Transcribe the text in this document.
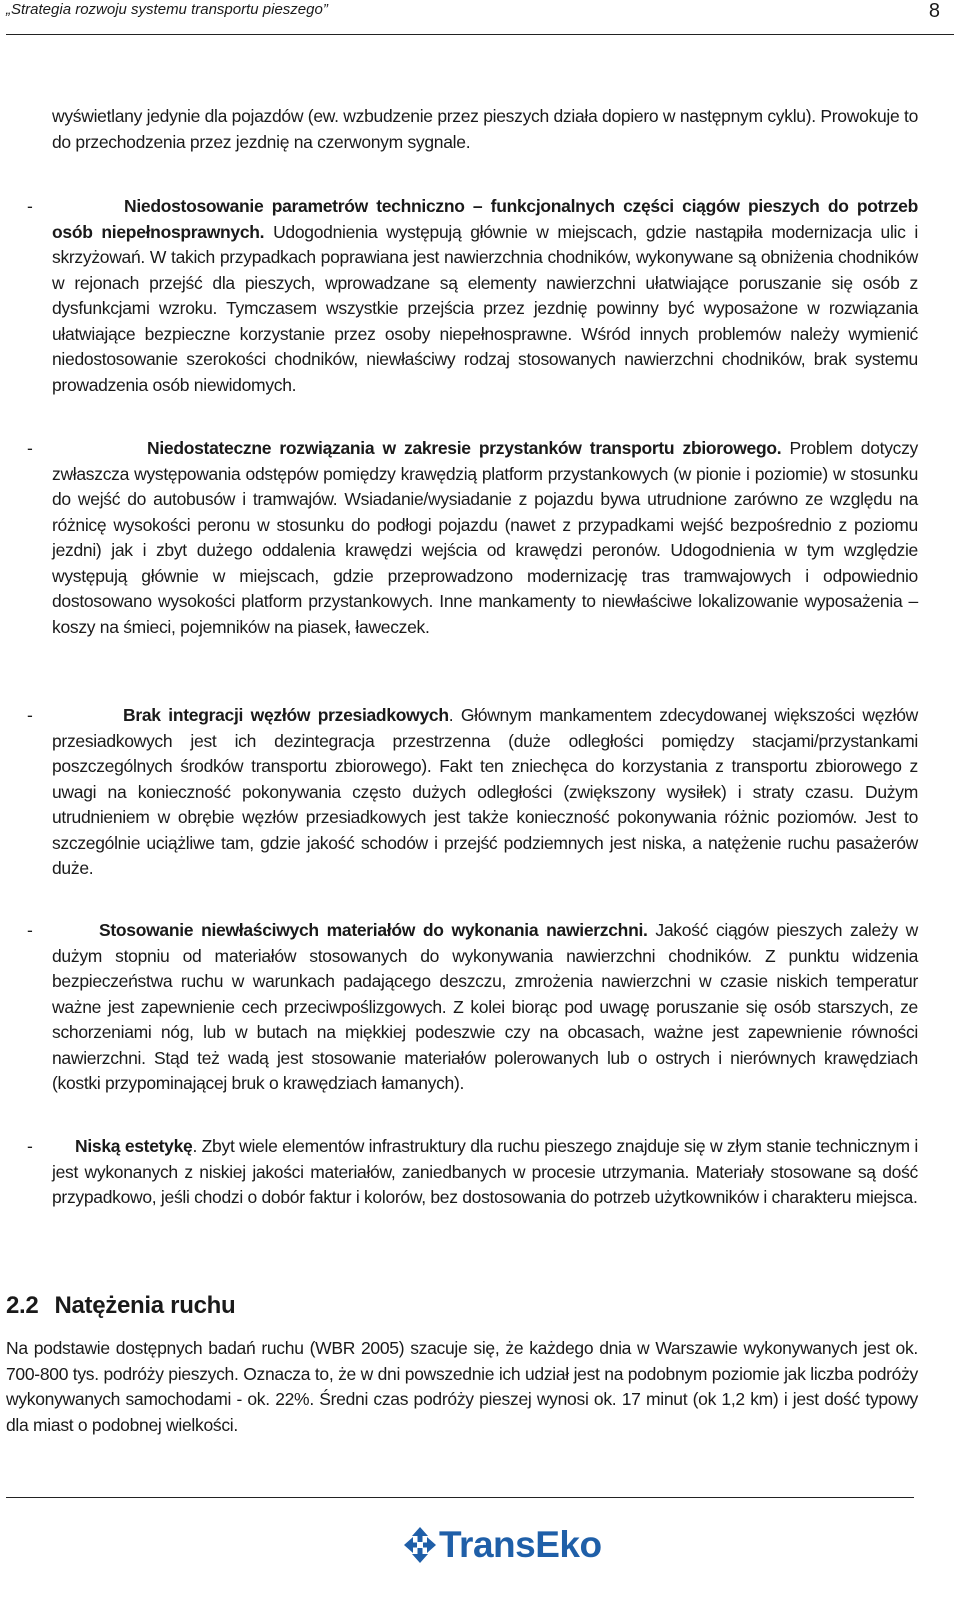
„Strategia rozwoju systemu transportu pieszego”	8
wyświetlany jedynie dla pojazdów (ew. wzbudzenie przez pieszych działa dopiero w następnym cyklu). Prowokuje to do przechodzenia przez jezdnię na czerwonym sygnale.
-	Niedostosowanie parametrów techniczno – funkcjonalnych części ciągów pieszych do potrzeb osób niepełnosprawnych. Udogodnienia występują głównie w miejscach, gdzie nastąpiła modernizacja ulic i skrzyżowań. W takich przypadkach poprawiana jest nawierzchnia chodników, wykonywane są obniżenia chodników w rejonach przejść dla pieszych, wprowadzane są elementy nawierzchni ułatwiające poruszanie się osób z dysfunkcjami wzroku. Tymczasem wszystkie przejścia przez jezdnię powinny być wyposażone w rozwiązania ułatwiające bezpieczne korzystanie przez osoby niepełnosprawne. Wśród innych problemów należy wymienić niedostosowanie szerokości chodników, niewłaściwy rodzaj stosowanych nawierzchni chodników, brak systemu prowadzenia osób niewidomych.
-	Niedostateczne rozwiązania w zakresie przystanków transportu zbiorowego. Problem dotyczy zwłaszcza występowania odstępów pomiędzy krawędzią platform przystankowych (w pionie i poziomie) w stosunku do wejść do autobusów i tramwajów. Wsiadanie/wysiadanie z pojazdu bywa utrudnione zarówno ze względu na różnicę wysokości peronu w stosunku do podłogi pojazdu (nawet z przypadkami wejść bezpośrednio z poziomu jezdni) jak i zbyt dużego oddalenia krawędzi wejścia od krawędzi peronów. Udogodnienia w tym względzie występują głównie w miejscach, gdzie przeprowadzono modernizację tras tramwajowych i odpowiednio dostosowano wysokości platform przystankowych. Inne mankamenty to niewłaściwe lokalizowanie wyposażenia – koszy na śmieci, pojemników na piasek, ławeczek.
-	Brak integracji węzłów przesiadkowych. Głównym mankamentem zdecydowanej większości węzłów przesiadkowych jest ich dezintegracja przestrzenna (duże odległości pomiędzy stacjami/przystankami poszczególnych środków transportu zbiorowego). Fakt ten zniechęca do korzystania z transportu zbiorowego z uwagi na konieczność pokonywania często dużych odległości (zwiększony wysiłek) i straty czasu. Dużym utrudnieniem w obrębie węzłów przesiadkowych jest także konieczność pokonywania różnic poziomów. Jest to szczególnie uciążliwe tam, gdzie jakość schodów i przejść podziemnych jest niska, a natężenie ruchu pasażerów duże.
-	Stosowanie niewłaściwych materiałów do wykonania nawierzchni. Jakość ciągów pieszych zależy w dużym stopniu od materiałów stosowanych do wykonywania nawierzchni chodników. Z punktu widzenia bezpieczeństwa ruchu w warunkach padającego deszczu, zmrożenia nawierzchni w czasie niskich temperatur ważne jest zapewnienie cech przeciwpoślizgowych. Z kolei biorąc pod uwagę poruszanie się osób starszych, ze schorzeniami nóg, lub w butach na miękkiej podeszwie czy na obcasach, ważne jest zapewnienie równości nawierzchni. Stąd też wadą jest stosowanie materiałów polerowanych lub o ostrych i nierównych krawędziach (kostki przypominającej bruk o krawędziach łamanych).
-	Niską estetykę. Zbyt wiele elementów infrastruktury dla ruchu pieszego znajduje się w złym stanie technicznym i jest wykonanych z niskiej jakości materiałów, zaniedbanych w procesie utrzymania. Materiały stosowane są dość przypadkowo, jeśli chodzi o dobór faktur i kolorów, bez dostosowania do potrzeb użytkowników i charakteru miejsca.
2.2 Natężenia ruchu
Na podstawie dostępnych badań ruchu (WBR 2005) szacuje się, że każdego dnia w Warszawie wykonywanych jest ok. 700-800 tys. podróży pieszych. Oznacza to, że w dni powszednie ich udział jest na podobnym poziomie jak liczba podróży wykonywanych samochodami - ok. 22%. Średni czas podróży pieszej wynosi ok. 17 minut (ok 1,2 km) i jest dość typowy dla miast o podobnej wielkości.
TransEko
